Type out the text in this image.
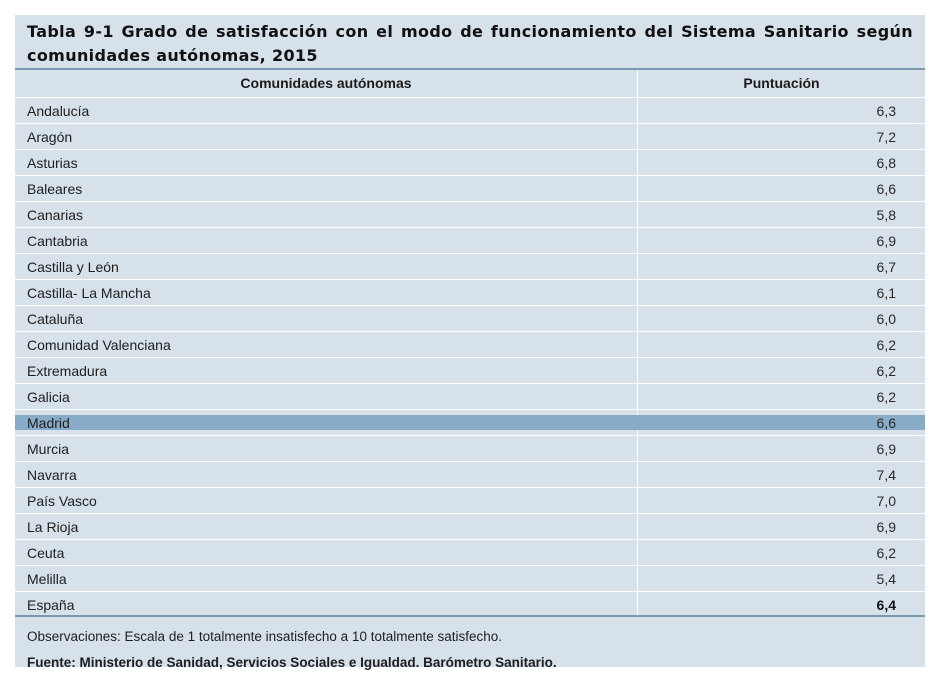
Tabla 9-1 Grado de satisfacción con el modo de funcionamiento del Sistema Sanitario según comunidades autónomas, 2015
Comunidades autónomas	Puntuación
Andalucía	6,3
Aragón	7,2
Asturias	6,8
Baleares	6,6
Canarias	5,8
Cantabria	6,9
Castilla y León	6,7
Castilla- La Mancha	6,1
Cataluña	6,0
Comunidad Valenciana	6,2
Extremadura	6,2
Galicia	6,2
Madrid	6,6
Murcia	6,9
Navarra	7,4
País Vasco	7,0
La Rioja	6,9
Ceuta	6,2
Melilla	5,4
España	6,4
Observaciones: Escala de 1 totalmente insatisfecho a 10 totalmente satisfecho.
Fuente: Ministerio de Sanidad, Servicios Sociales e Igualdad. Barómetro Sanitario.
